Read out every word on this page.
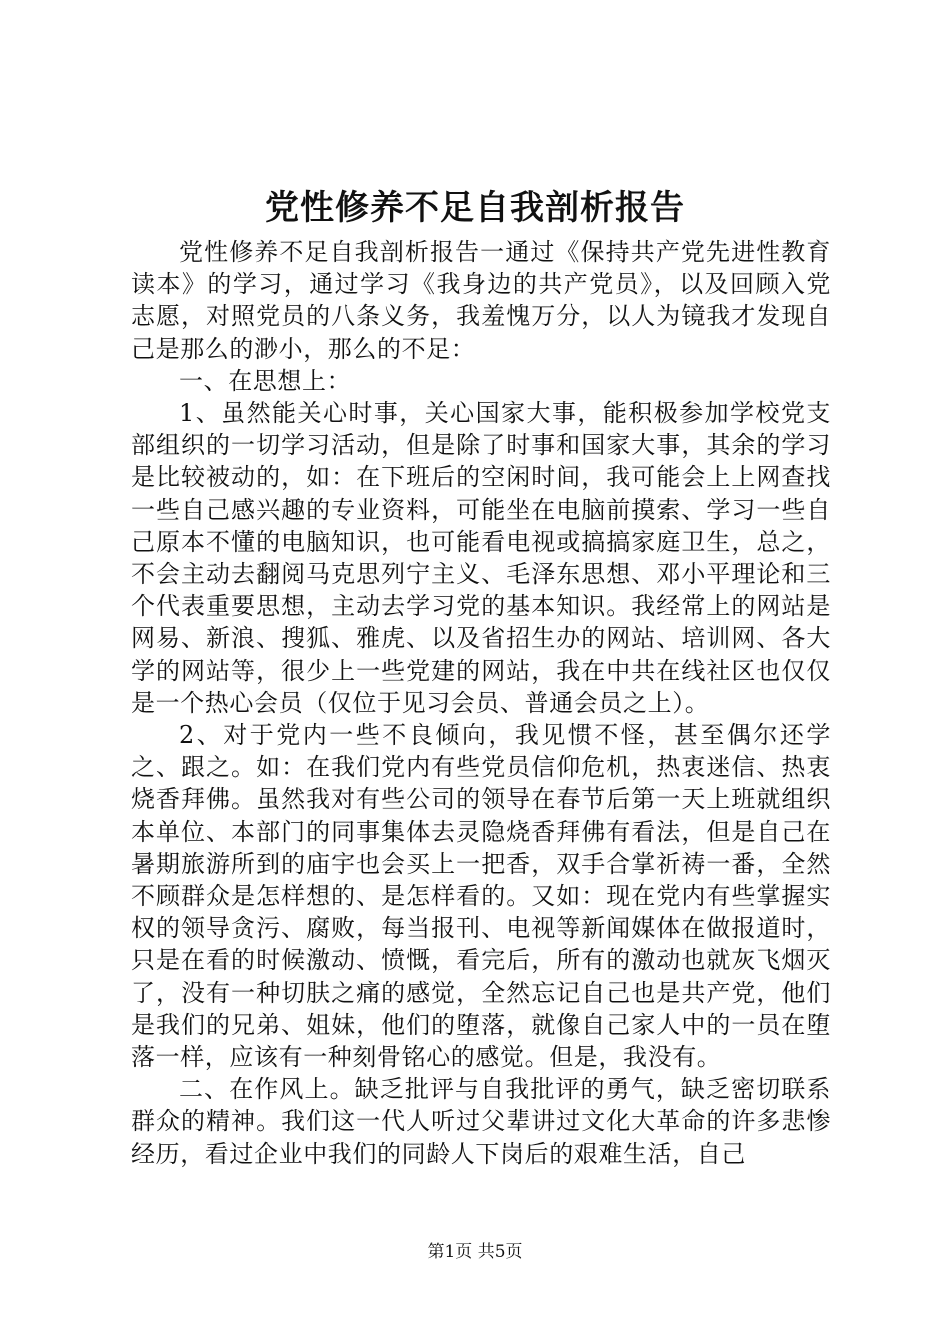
党性修养不足自我剖析报告

党性修养不足自我剖析报告一通过《保持共产党先进性教育读本》的学习，通过学习《我身边的共产党员》，以及回顾入党志愿，对照党员的八条义务，我羞愧万分，以人为镜我才发现自己是那么的渺小，那么的不足：

一、在思想上：

1、虽然能关心时事，关心国家大事，能积极参加学校党支部组织的一切学习活动，但是除了时事和国家大事，其余的学习是比较被动的，如：在下班后的空闲时间，我可能会上上网查找一些自己感兴趣的专业资料，可能坐在电脑前摸索、学习一些自己原本不懂的电脑知识，也可能看电视或搞搞家庭卫生，总之，不会主动去翻阅马克思列宁主义、毛泽东思想、邓小平理论和三个代表重要思想，主动去学习党的基本知识。我经常上的网站是网易、新浪、搜狐、雅虎、以及省招生办的网站、培训网、各大学的网站等，很少上一些党建的网站，我在中共在线社区也仅仅是一个热心会员（仅位于见习会员、普通会员之上）。

2、对于党内一些不良倾向，我见惯不怪，甚至偶尔还学之、跟之。如：在我们党内有些党员信仰危机，热衷迷信、热衷烧香拜佛。虽然我对有些公司的领导在春节后第一天上班就组织本单位、本部门的同事集体去灵隐烧香拜佛有看法，但是自己在暑期旅游所到的庙宇也会买上一把香，双手合掌祈祷一番，全然不顾群众是怎样想的、是怎样看的。又如：现在党内有些掌握实权的领导贪污、腐败，每当报刊、电视等新闻媒体在做报道时，只是在看的时候激动、愤慨，看完后，所有的激动也就灰飞烟灭了，没有一种切肤之痛的感觉，全然忘记自己也是共产党，他们是我们的兄弟、姐妹，他们的堕落，就像自己家人中的一员在堕落一样，应该有一种刻骨铭心的感觉。但是，我没有。

二、在作风上。缺乏批评与自我批评的勇气，缺乏密切联系群众的精神。我们这一代人听过父辈讲过文化大革命的许多悲惨经历，看过企业中我们的同龄人下岗后的艰难生活，自己

第1页 共5页
